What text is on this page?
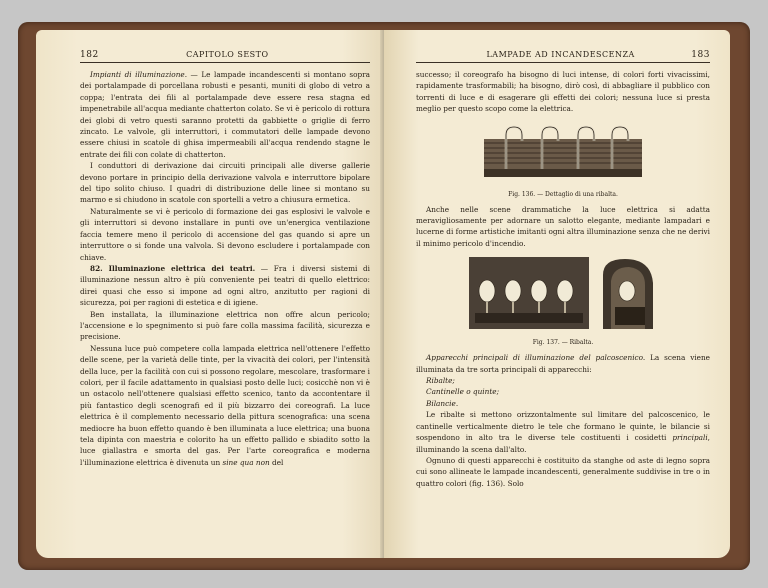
182	CAPITOLO SESTO

Impianti di illuminazione. — Le lampade incandescenti si montano sopra dei portalampade di porcellana robusti e pesanti, muniti di globo di vetro a coppa; l'entrata dei fili al portalampade deve essere resa stagna ed impenetrabile all'acqua mediante chatterton colato. Se vi è pericolo di rottura dei globi di vetro questi saranno protetti da gabbiette o griglie di ferro zincato. Le valvole, gli interruttori, i commutatori delle lampade devono essere chiusi in scatole di ghisa impermeabili all'acqua rendendo stagne le entrate dei fili con colate di chatterton.

I conduttori di derivazione dai circuiti principali alle diverse gallerie devono portare in principio della derivazione valvola e interruttore bipolare del tipo solito chiuso. I quadri di distribuzione delle linee si montano su marmo e si chiudono in scatole con sportelli a vetro a chiusura ermetica.

Naturalmente se vi è pericolo di formazione dei gas esplosivi le valvole e gli interruttori si devono installare in punti ove un'energica ventilazione faccia temere meno il pericolo di accensione del gas quando si apre un interruttore o si fonde una valvola. Si devono escludere i portalampade con chiave.

82. Illuminazione elettrica dei teatri. — Fra i diversi sistemi di illuminazione nessun altro è più conveniente pei teatri di quello elettrico: direi quasi che esso si impone ad ogni altro, anzitutto per ragioni di sicurezza, poi per ragioni di estetica e di igiene.

Ben installata, la illuminazione elettrica non offre alcun pericolo; l'accensione e lo spegnimento si può fare colla massima facilità, sicurezza e precisione.

Nessuna luce può competere colla lampada elettrica nell'ottenere l'effetto delle scene, per la varietà delle tinte, per la vivacità dei colori, per l'intensità della luce, per la facilità con cui si possono regolare, mescolare, trasformare i colori, per il facile adattamento in qualsiasi posto delle luci; cosicchè non vi è un ostacolo nell'ottenere qualsiasi effetto scenico, tanto da accontentare il più fantastico degli scenografi ed il più bizzarro dei coreografi. La luce elettrica è il complemento necessario della pittura scenografica: una scena mediocre ha buon effetto quando è ben illuminata a luce elettrica; una buona tela dipinta con maestria e colorito ha un effetto pallido e sbiadito sotto la luce giallastra e smorta del gas. Per l'arte coreografica e moderna l'illuminazione elettrica è divenuta un sine qua non del

LAMPADE AD INCANDESCENZA	183

successo; il coreografo ha bisogno di luci intense, di colori forti vivacissimi, rapidamente trasformabili; ha bisogno, dirò così, di abbagliare il pubblico con torrenti di luce e di esagerare gli effetti dei colori; nessuna luce si presta meglio per questo scopo come la elettrica.

Fig. 136. — Dettaglio di una ribalta.

Anche nelle scene drammatiche la luce elettrica si adatta meravigliosamente per adornare un salotto elegante, mediante lampadari e lucerne di forme artistiche imitanti ogni altra illuminazione senza che ne derivi il minimo pericolo d'incendio.

Fig. 137. — Ribalta.

Apparecchi principali di illuminazione del palcoscenico. La scena viene illuminata da tre sorta principali di apparecchi:

Ribalte;

Cantinelle o quinte;

Bilancie.

Le ribalte si mettono orizzontalmente sul limitare del palcoscenico, le cantinelle verticalmente dietro le tele che formano le quinte, le bilancie si sospendono in alto tra le diverse tele costituenti i cosidetti principali, illuminando la scena dall'alto.

Ognuno di questi apparecchi è costituito da stanghe od aste di legno sopra cui sono allineate le lampade incandescenti, generalmente suddivise in tre o in quattro colori (fig. 136). Solo
